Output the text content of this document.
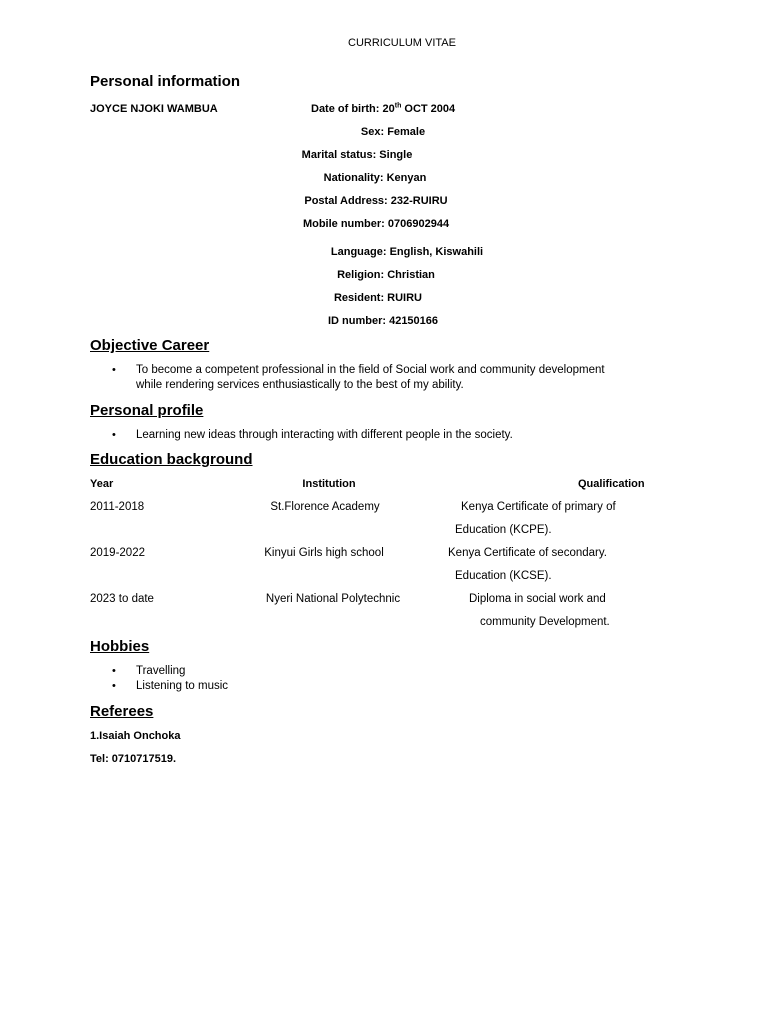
CURRICULUM VITAE
Personal information
JOYCE NJOKI WAMBUA	Date of birth: 20th OCT 2004
Sex: Female
Marital status: Single
Nationality: Kenyan
Postal Address: 232-RUIRU
Mobile number: 0706902944
Language: English, Kiswahili
Religion: Christian
Resident: RUIRU
ID number: 42150166
Objective Career
• To become a competent professional in the field of Social work and community development
while rendering services enthusiastically to the best of my ability.
Personal profile
• Learning new ideas through interacting with different people in the society.
Education background
Year	Institution	Qualification
2011-2018	St.Florence Academy	Kenya Certificate of primary of
Education (KCPE).
2019-2022	Kinyui Girls high school	Kenya Certificate of secondary.
Education (KCSE).
2023 to date	Nyeri National Polytechnic	Diploma in social work and
community Development.
Hobbies
• Travelling
• Listening to music
Referees
1.Isaiah Onchoka
Tel: 0710717519.
